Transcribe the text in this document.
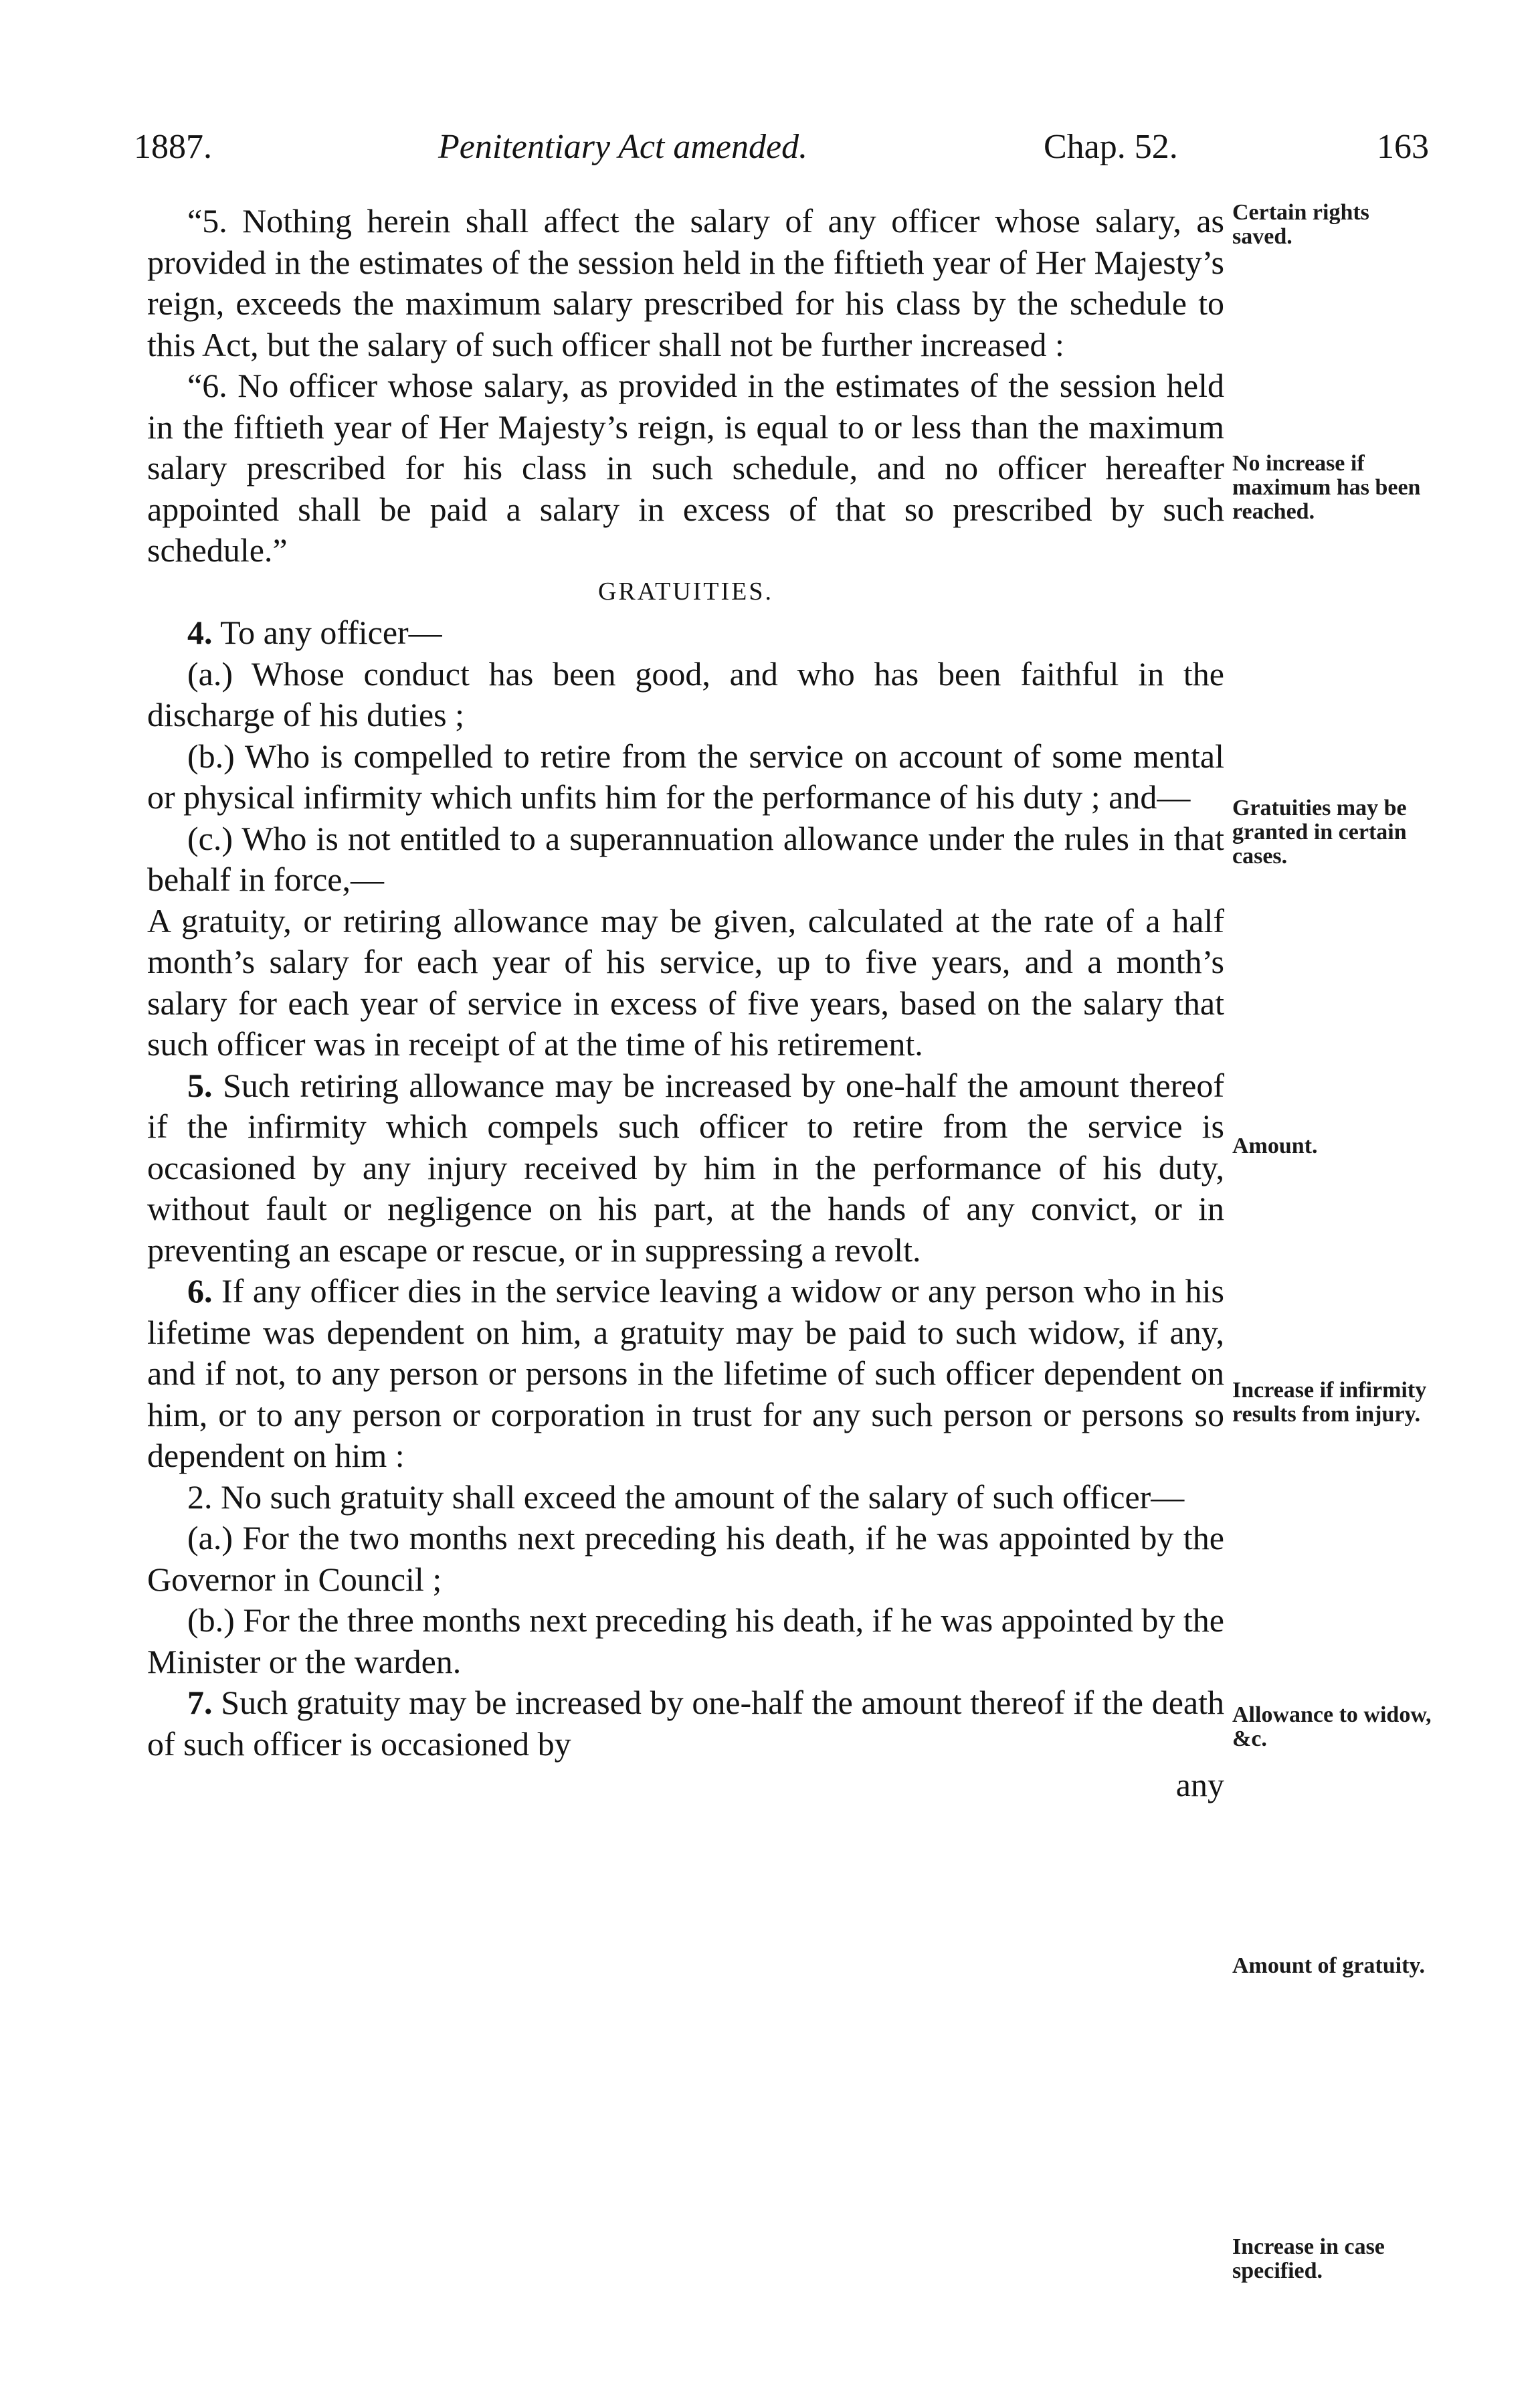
1887.	Penitentiary Act amended.	Chap. 52.	163

“5. Nothing herein shall affect the salary of any officer whose salary, as provided in the estimates of the session held in the fiftieth year of Her Majesty’s reign, exceeds the maximum salary prescribed for his class by the schedule to this Act, but the salary of such officer shall not be further increased :

“6. No officer whose salary, as provided in the estimates of the session held in the fiftieth year of Her Majesty’s reign, is equal to or less than the maximum salary prescribed for his class in such schedule, and no officer hereafter appointed shall be paid a salary in excess of that so prescribed by such schedule.”

GRATUITIES.

4. To any officer—

(a.) Whose conduct has been good, and who has been faithful in the discharge of his duties ;

(b.) Who is compelled to retire from the service on account of some mental or physical infirmity which unfits him for the performance of his duty ; and—

(c.) Who is not entitled to a superannuation allowance under the rules in that behalf in force,—

A gratuity, or retiring allowance may be given, calculated at the rate of a half month’s salary for each year of his service, up to five years, and a month’s salary for each year of service in excess of five years, based on the salary that such officer was in receipt of at the time of his retirement.

5. Such retiring allowance may be increased by one-half the amount thereof if the infirmity which compels such officer to retire from the service is occasioned by any injury received by him in the performance of his duty, without fault or negligence on his part, at the hands of any convict, or in preventing an escape or rescue, or in suppressing a revolt.

6. If any officer dies in the service leaving a widow or any person who in his lifetime was dependent on him, a gratuity may be paid to such widow, if any, and if not, to any person or persons in the lifetime of such officer dependent on him, or to any person or corporation in trust for any such person or persons so dependent on him :

2. No such gratuity shall exceed the amount of the salary of such officer—

(a.) For the two months next preceding his death, if he was appointed by the Governor in Council ;

(b.) For the three months next preceding his death, if he was appointed by the Minister or the warden.

7. Such gratuity may be increased by one-half the amount thereof if the death of such officer is occasioned by

any

Certain rights saved.
No increase if maximum has been reached.
Gratuities may be granted in certain cases.
Amount.
Increase if infirmity results from injury.
Allowance to widow, &c.
Amount of gratuity.
Increase in case specified.
